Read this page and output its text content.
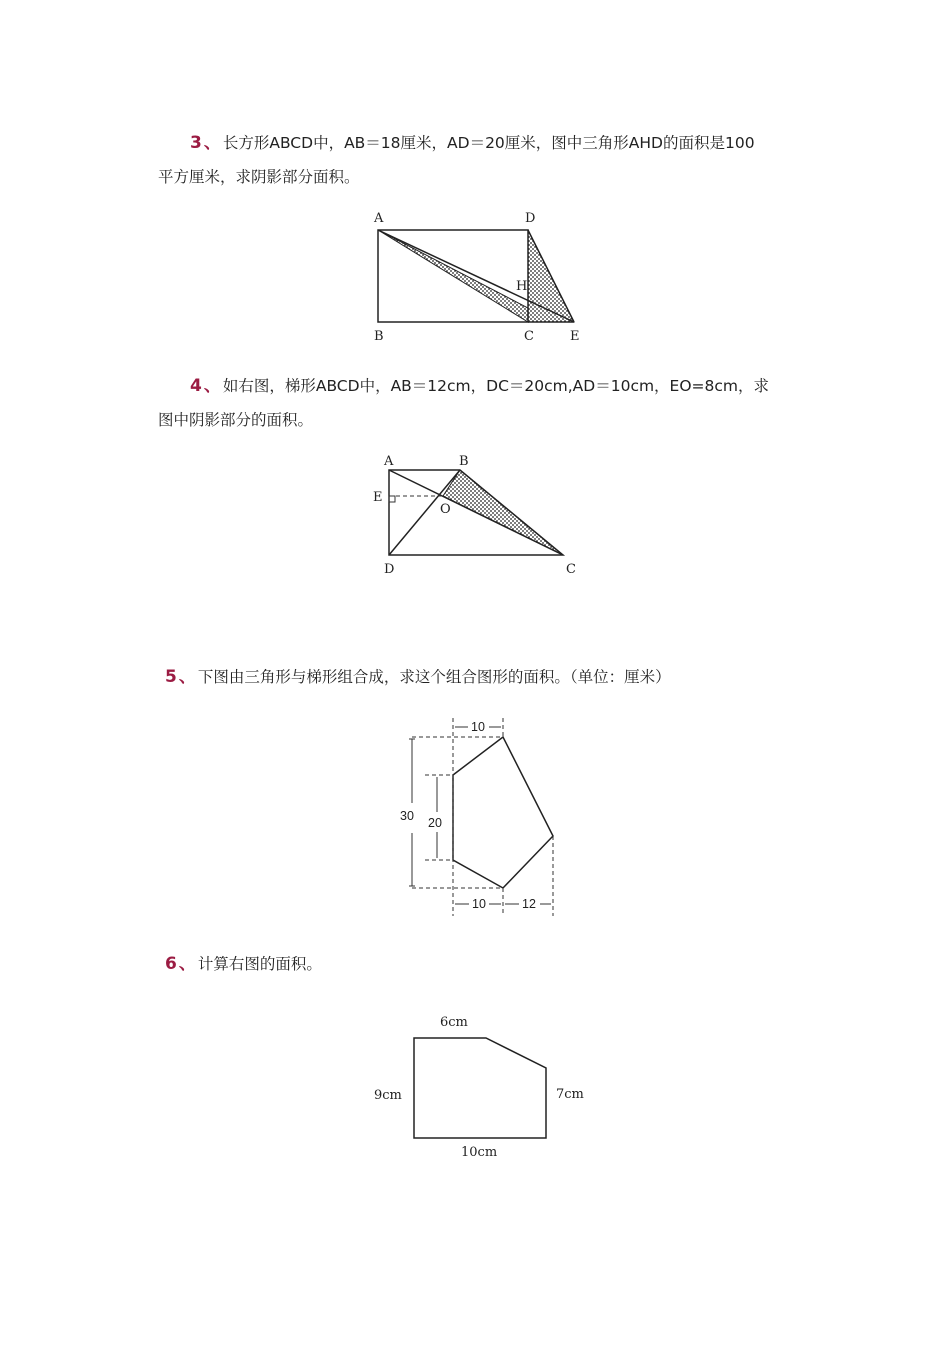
3 、 长方形ABCD中，AB＝18厘米，AD＝20厘米，图中三角形AHD的面积是100
平方厘米，求阴影部分面积。
4 、 如右图，梯形ABCD中，AB＝12cm，DC＝20cm,AD＝10cm，EO=8cm，求
图中阴影部分的面积。
5 、 下图由三角形与梯形组合成，求这个组合图形的面积。（单位：厘米）
6 、 计算右图的面积。
A	D
H
B	C	E
A	B
E
O
D	C
10
30 20
10	12
6cm
9cm	7cm
10cm
